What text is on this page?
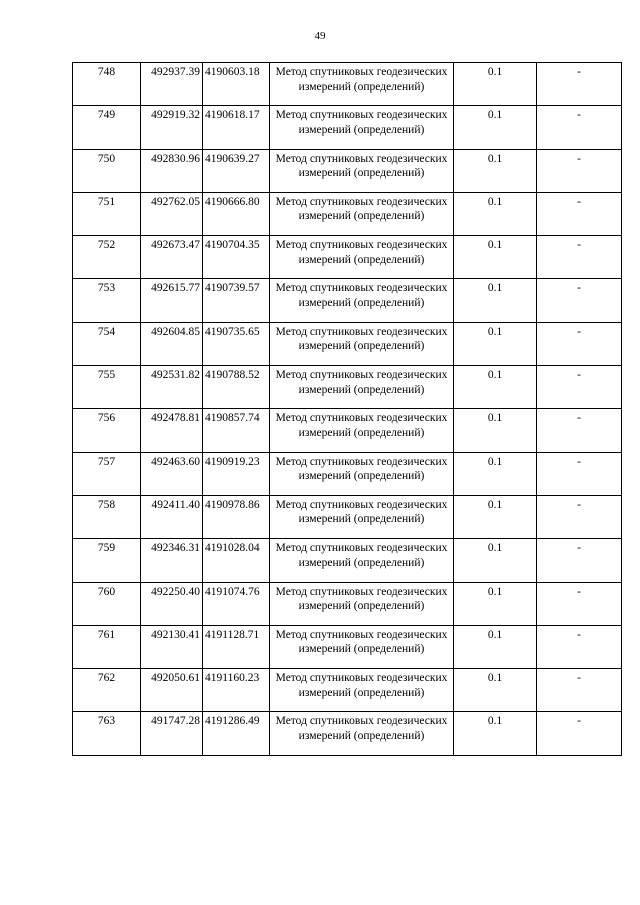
49
748	492937.39	4190603.18	Метод спутниковых геодезических измерений (определений)	0.1	-
749	492919.32	4190618.17	Метод спутниковых геодезических измерений (определений)	0.1	-
750	492830.96	4190639.27	Метод спутниковых геодезических измерений (определений)	0.1	-
751	492762.05	4190666.80	Метод спутниковых геодезических измерений (определений)	0.1	-
752	492673.47	4190704.35	Метод спутниковых геодезических измерений (определений)	0.1	-
753	492615.77	4190739.57	Метод спутниковых геодезических измерений (определений)	0.1	-
754	492604.85	4190735.65	Метод спутниковых геодезических измерений (определений)	0.1	-
755	492531.82	4190788.52	Метод спутниковых геодезических измерений (определений)	0.1	-
756	492478.81	4190857.74	Метод спутниковых геодезических измерений (определений)	0.1	-
757	492463.60	4190919.23	Метод спутниковых геодезических измерений (определений)	0.1	-
758	492411.40	4190978.86	Метод спутниковых геодезических измерений (определений)	0.1	-
759	492346.31	4191028.04	Метод спутниковых геодезических измерений (определений)	0.1	-
760	492250.40	4191074.76	Метод спутниковых геодезических измерений (определений)	0.1	-
761	492130.41	4191128.71	Метод спутниковых геодезических измерений (определений)	0.1	-
762	492050.61	4191160.23	Метод спутниковых геодезических измерений (определений)	0.1	-
763	491747.28	4191286.49	Метод спутниковых геодезических измерений (определений)	0.1	-
